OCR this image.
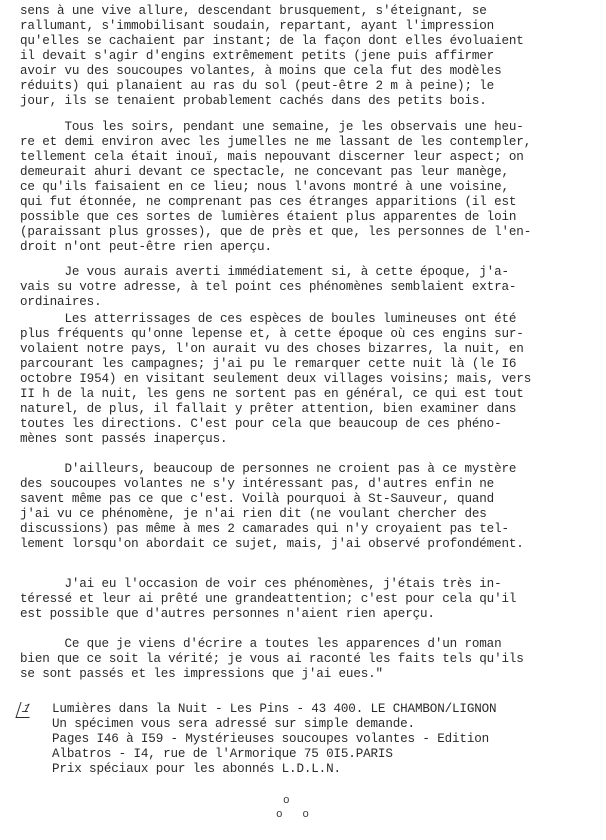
sens à une vive allure, descendant brusquement, s'éteignant, se
rallumant, s'immobilisant soudain, repartant, ayant l'impression
qu'elles se cachaient par instant; de la façon dont elles évoluaient
il devait s'agir d'engins extrêmement petits (jene puis affirmer
avoir vu des soucoupes volantes, à moins que cela fut des modèles
réduits) qui planaient au ras du sol (peut-être 2 m à peine); le
jour, ils se tenaient probablement cachés dans des petits bois.
Tous les soirs, pendant une semaine, je les observais une heu-
re et demi environ avec les jumelles ne me lassant de les contempler,
tellement cela était inouï, mais nepouvant discerner leur aspect; on
demeurait ahuri devant ce spectacle, ne concevant pas leur manège,
ce qu'ils faisaient en ce lieu; nous l'avons montré à une voisine,
qui fut étonnée, ne comprenant pas ces étranges apparitions (il est
possible que ces sortes de lumières étaient plus apparentes de loin
(paraissant plus grosses), que de près et que, les personnes de l'en-
droit n'ont peut-être rien aperçu.
Je vous aurais averti immédiatement si, à cette époque, j'a-
vais su votre adresse, à tel point ces phénomènes semblaient extra-
ordinaires.
Les atterrissages de ces espèces de boules lumineuses ont été
plus fréquents qu'onne lepense et, à cette époque où ces engins sur-
volaient notre pays, l'on aurait vu des choses bizarres, la nuit, en
parcourant les campagnes; j'ai pu le remarquer cette nuit là (le I6
octobre I954) en visitant seulement deux villages voisins; mais, vers
II h de la nuit, les gens ne sortent pas en général, ce qui est tout
naturel, de plus, il fallait y prêter attention, bien examiner dans
toutes les directions. C'est pour cela que beaucoup de ces phéno-
mènes sont passés inaperçus.
D'ailleurs, beaucoup de personnes ne croient pas à ce mystère
des soucoupes volantes ne s'y intéressant pas, d'autres enfin ne
savent même pas ce que c'est. Voilà pourquoi à St-Sauveur, quand
j'ai vu ce phénomène, je n'ai rien dit (ne voulant chercher des
discussions) pas même à mes 2 camarades qui n'y croyaient pas tel-
lement lorsqu'on abordait ce sujet, mais, j'ai observé profondément.
J'ai eu l'occasion de voir ces phénomènes, j'étais très in-
téressé et leur ai prêté une grandeattention; c'est pour cela qu'il
est possible que d'autres personnes n'aient rien aperçu.
Ce que je viens d'écrire a toutes les apparences d'un roman
bien que ce soit la vérité; je vous ai raconté les faits tels qu'ils
se sont passés et les impressions que j'ai eues."
1 Lumières dans la Nuit - Les Pins - 43 400. LE CHAMBON/LIGNON
Un spécimen vous sera adressé sur simple demande.
Pages I46 à I59 - Mystérieuses soucoupes volantes - Edition
Albatros - I4, rue de l'Armorique 75 0I5.PARIS
Prix spéciaux pour les abonnés L.D.L.N.
o
o   o
